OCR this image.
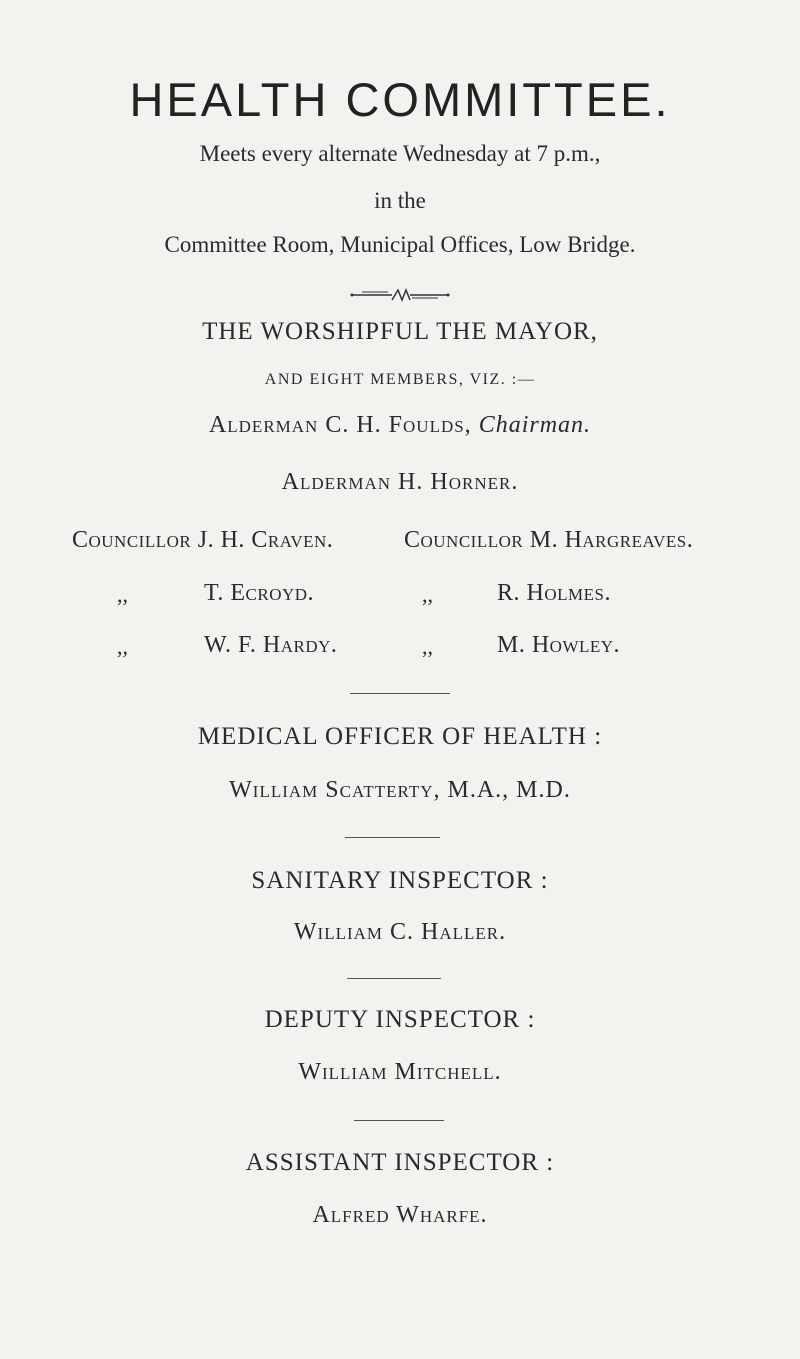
HEALTH COMMITTEE.
Meets every alternate Wednesday at 7 p.m.,
in the
Committee Room, Municipal Offices, Low Bridge.
THE WORSHIPFUL THE MAYOR,
AND EIGHT MEMBERS, VIZ. :—
Alderman C. H. Foulds, Chairman.
Alderman H. Horner.
Councillor J. H. Craven.	Councillor M. Hargreaves.
,,	T. Ecroyd.	,,	R. Holmes.
,,	W. F. Hardy.	,,	M. Howley.
MEDICAL OFFICER OF HEALTH :
William Scatterty, M.A., M.D.
SANITARY INSPECTOR :
William C. Haller.
DEPUTY INSPECTOR :
William Mitchell.
ASSISTANT INSPECTOR :
Alfred Wharfe.
